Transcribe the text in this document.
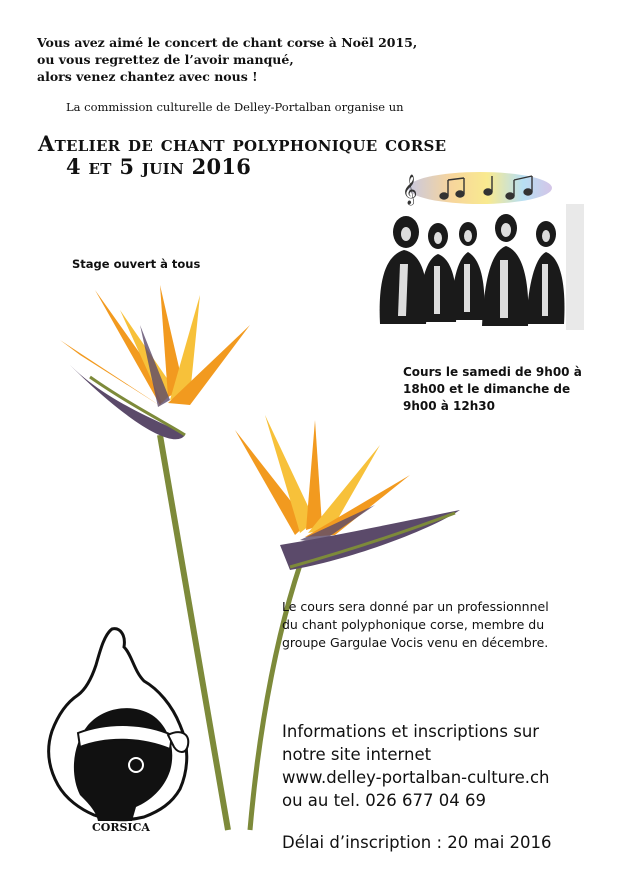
Vous avez aimé le concert de chant corse à Noël 2015,
ou vous regrettez de l’avoir manqué,
alors venez chantez avec nous !
La commission culturelle de Delley-Portalban organise un
Atelier de chant polyphonique corse
4 et 5 juin 2016
𝄞
Stage ouvert à tous
Cours le samedi de 9h00 à
18h00 et le dimanche de
9h00 à 12h30
Le cours sera donné par un professionnnel
du chant polyphonique corse, membre du
groupe Gargulae Vocis venu en décembre.
CORSICA
Informations et inscriptions sur
notre site internet
www.delley-portalban-culture.ch
ou au tel. 026 677 04 69
Délai d’inscription : 20 mai 2016
